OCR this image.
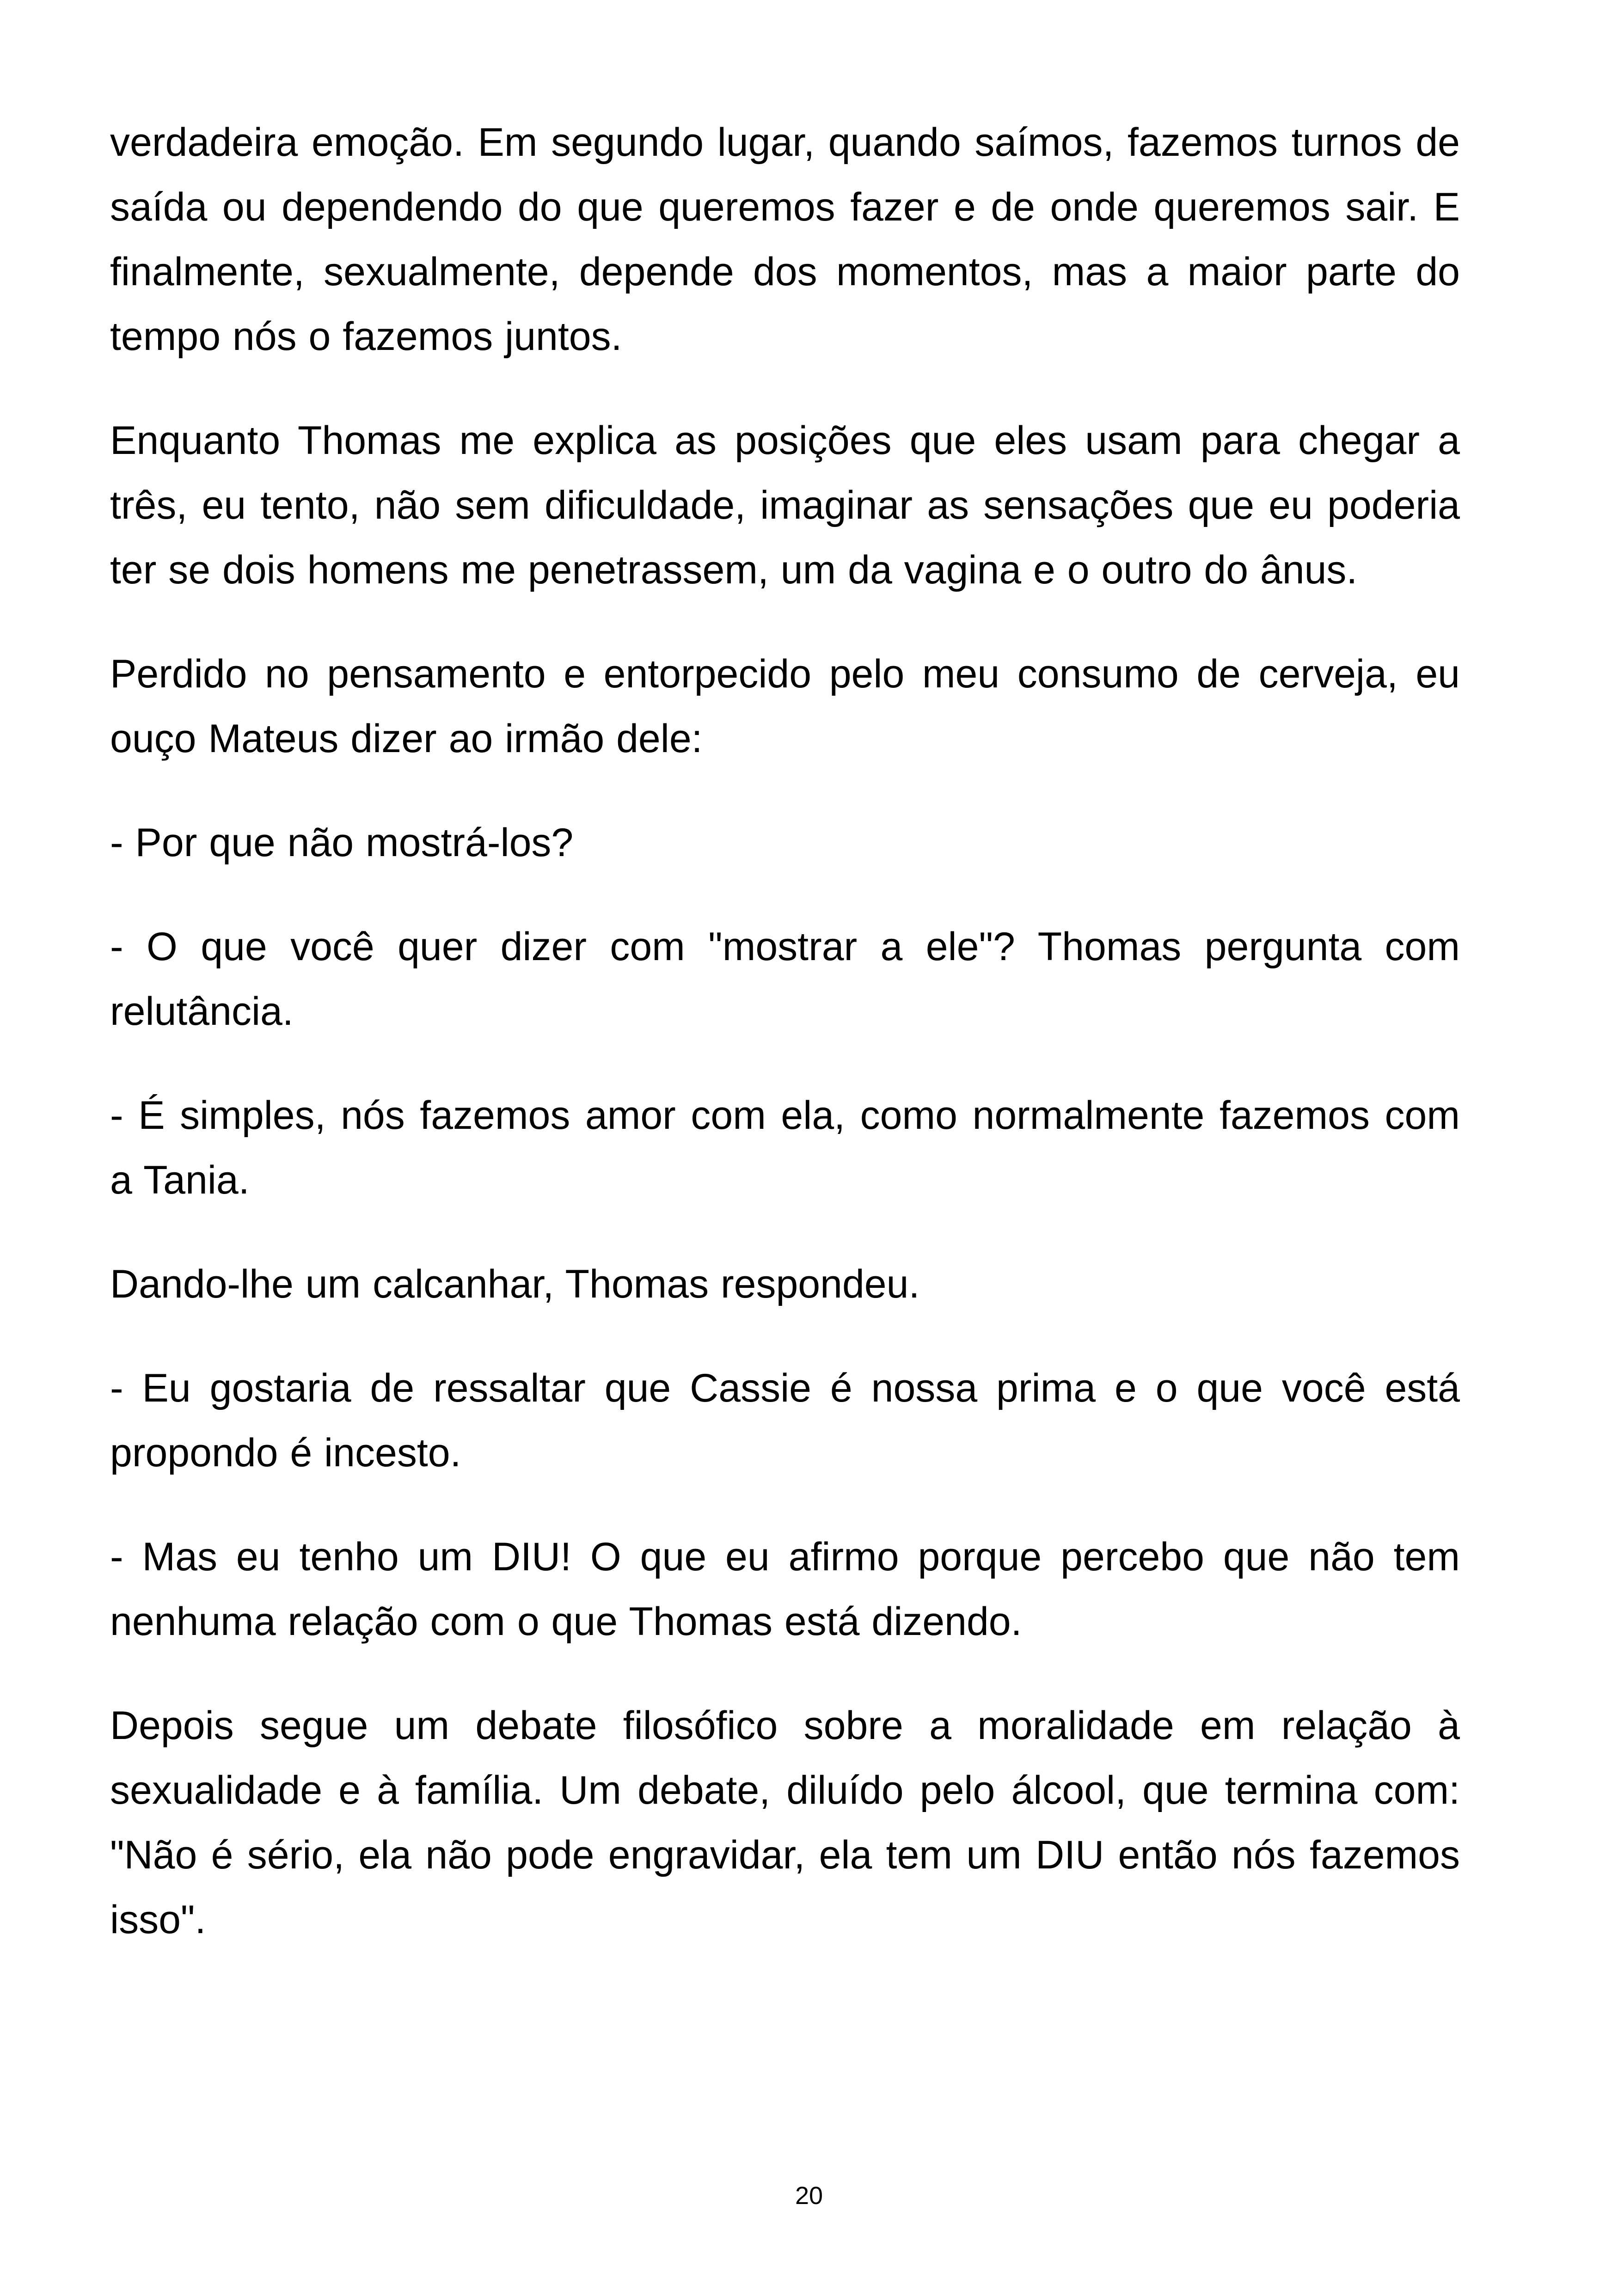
verdadeira emoção. Em segundo lugar, quando saímos, fazemos turnos de saída ou dependendo do que queremos fazer e de onde queremos sair. E finalmente, sexualmente, depende dos momentos, mas a maior parte do tempo nós o fazemos juntos.

Enquanto Thomas me explica as posições que eles usam para chegar a três, eu tento, não sem dificuldade, imaginar as sensações que eu poderia ter se dois homens me penetrassem, um da vagina e o outro do ânus.

Perdido no pensamento e entorpecido pelo meu consumo de cerveja, eu ouço Mateus dizer ao irmão dele:

- Por que não mostrá-los?

- O que você quer dizer com "mostrar a ele"? Thomas pergunta com relutância.

- É simples, nós fazemos amor com ela, como normalmente fazemos com a Tania.

Dando-lhe um calcanhar, Thomas respondeu.

- Eu gostaria de ressaltar que Cassie é nossa prima e o que você está propondo é incesto.

- Mas eu tenho um DIU! O que eu afirmo porque percebo que não tem nenhuma relação com o que Thomas está dizendo.

Depois segue um debate filosófico sobre a moralidade em relação à sexualidade e à família. Um debate, diluído pelo álcool, que termina com: "Não é sério, ela não pode engravidar, ela tem um DIU então nós fazemos isso".

20
